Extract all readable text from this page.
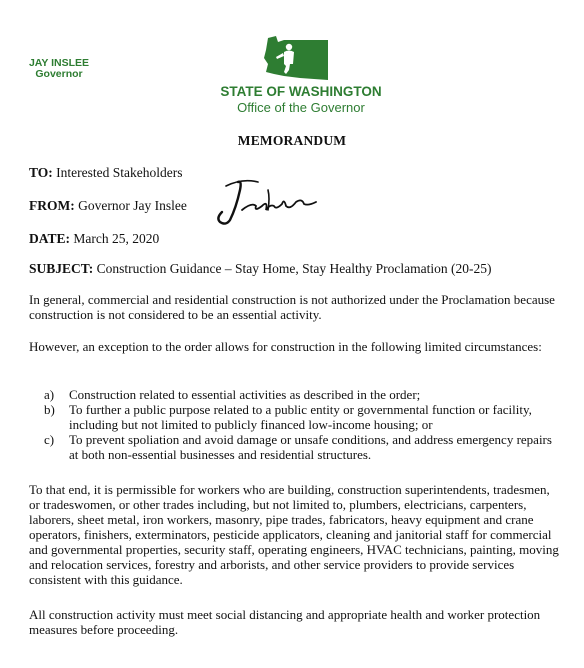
JAY INSLEE
Governor
STATE OF WASHINGTON
Office of the Governor
MEMORANDUM
TO: Interested Stakeholders
FROM: Governor Jay Inslee
DATE: March 25, 2020
SUBJECT: Construction Guidance – Stay Home, Stay Healthy Proclamation (20-25)
In general, commercial and residential construction is not authorized under the Proclamation because construction is not considered to be an essential activity.
However, an exception to the order allows for construction in the following limited circumstances:
a)	Construction related to essential activities as described in the order;
b)	To further a public purpose related to a public entity or governmental function or facility, including but not limited to publicly financed low-income housing; or
c)	To prevent spoliation and avoid damage or unsafe conditions, and address emergency repairs at both non-essential businesses and residential structures.
To that end, it is permissible for workers who are building, construction superintendents, tradesmen, or tradeswomen, or other trades including, but not limited to, plumbers, electricians, carpenters, laborers, sheet metal, iron workers, masonry, pipe trades, fabricators, heavy equipment and crane operators, finishers, exterminators, pesticide applicators, cleaning and janitorial staff for commercial and governmental properties, security staff, operating engineers, HVAC technicians, painting, moving and relocation services, forestry and arborists, and other service providers to provide services consistent with this guidance.
All construction activity must meet social distancing and appropriate health and worker protection measures before proceeding.
